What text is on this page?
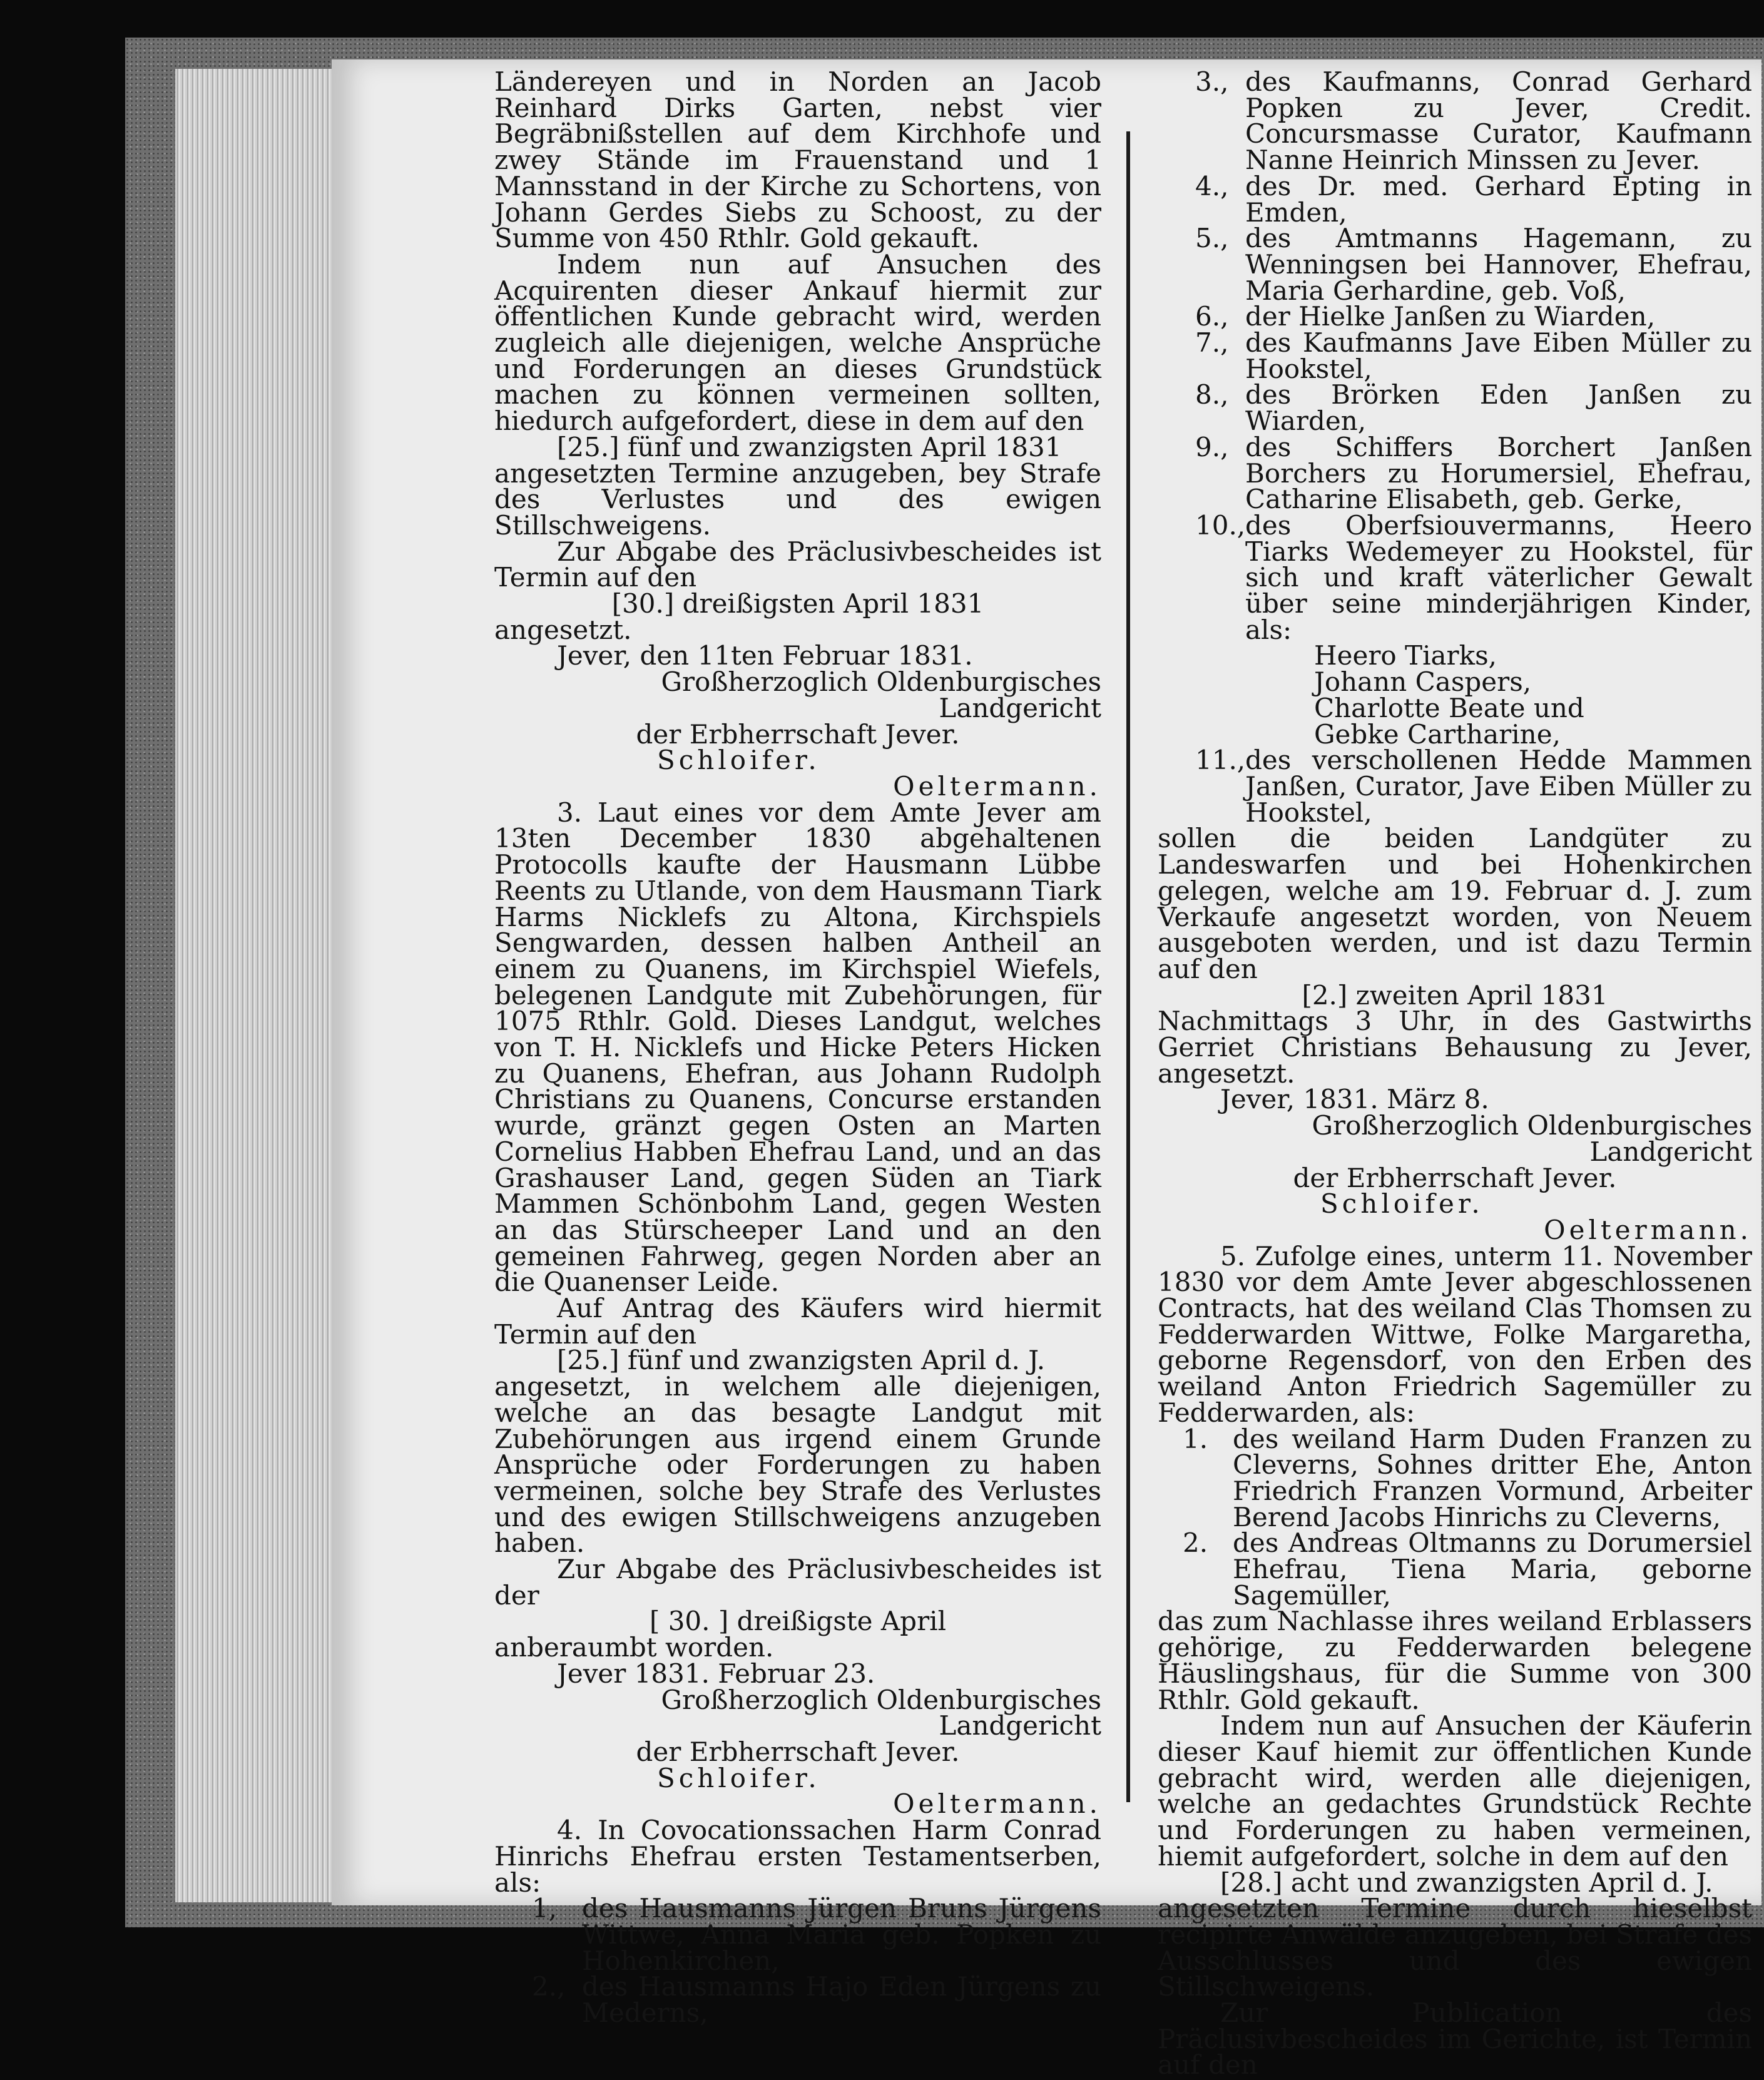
Ländereyen und in Norden an Jacob Reinhard Dirks Garten, nebst vier Begräbnißstellen auf dem Kirchhofe und zwey Stände im Frauenstand und 1 Mannsstand in der Kirche zu Schortens, von Johann Gerdes Siebs zu Schoost, zu der Summe von 450 Rthlr. Gold gekauft.

Indem nun auf Ansuchen des Acquirenten dieser Ankauf hiermit zur öffentlichen Kunde gebracht wird, werden zugleich alle diejenigen, welche Ansprüche und Forderungen an dieses Grundstück machen zu können vermeinen sollten, hiedurch aufgefordert, diese in dem auf den

[25.] fünf und zwanzigsten April 1831

angesetzten Termine anzugeben, bey Strafe des Verlustes und des ewigen Stillschweigens.

Zur Abgabe des Präclusivbescheides ist Termin auf den

[30.] dreißigsten April 1831

angesetzt.

Jever, den 11ten Februar 1831.

Großherzoglich Oldenburgisches Landgericht

der Erbherrschaft Jever.

Schloifer.

Oeltermann.

3. Laut eines vor dem Amte Jever am 13ten December 1830 abgehaltenen Protocolls kaufte der Hausmann Lübbe Reents zu Utlande, von dem Hausmann Tiark Harms Nicklefs zu Altona, Kirchspiels Sengwarden, dessen halben Antheil an einem zu Quanens, im Kirchspiel Wiefels, belegenen Landgute mit Zubehörungen, für 1075 Rthlr. Gold. Dieses Landgut, welches von T. H. Nicklefs und Hicke Peters Hicken zu Quanens, Ehefran, aus Johann Rudolph Christians zu Quanens, Concurse erstanden wurde, gränzt gegen Osten an Marten Cornelius Habben Ehefrau Land, und an das Grashauser Land, gegen Süden an Tiark Mammen Schönbohm Land, gegen Westen an das Stürscheeper Land und an den gemeinen Fahrweg, gegen Norden aber an die Quanenser Leide.

Auf Antrag des Käufers wird hiermit Termin auf den

[25.] fünf und zwanzigsten April d. J.

angesetzt, in welchem alle diejenigen, welche an das besagte Landgut mit Zubehörungen aus irgend einem Grunde Ansprüche oder Forderungen zu haben vermeinen, solche bey Strafe des Verlustes und des ewigen Stillschweigens anzugeben haben.

Zur Abgabe des Präclusivbescheides ist der

[ 30. ] dreißigste April

anberaumbt worden.

Jever 1831. Februar 23.

Großherzoglich Oldenburgisches Landgericht

der Erbherrschaft Jever.

Schloifer.

Oeltermann.

4. In Covocationssachen Harm Conrad Hinrichs Ehefrau ersten Testamentserben, als:

1, des Hausmanns Jürgen Bruns Jürgens Wittwe, Anna Maria geb. Popken zu Hohenkirchen,
2., des Hausmanns Hajo Eden Jürgens zu Mederns,
3., des Kaufmanns, Conrad Gerhard Popken zu Jever, Credit. Concursmasse Curator, Kaufmann Nanne Heinrich Minssen zu Jever.
4., des Dr. med. Gerhard Epting in Emden,
5., des Amtmanns Hagemann, zu Wenningsen bei Hannover, Ehefrau, Maria Gerhardine, geb. Voß,
6., der Hielke Janßen zu Wiarden,
7., des Kaufmanns Jave Eiben Müller zu Hookstel,
8., des Brörken Eden Janßen zu Wiarden,
9., des Schiffers Borchert Janßen Borchers zu Horumersiel, Ehefrau, Catharine Elisabeth, geb. Gerke,
10., des Oberfsiouvermanns, Heero Tiarks Wedemeyer zu Hookstel, für sich und kraft väterlicher Gewalt über seine minderjährigen Kinder, als:

Heero Tiarks,

Johann Caspers,

Charlotte Beate und

Gebke Cartharine,

11., des verschollenen Hedde Mammen Janßen, Curator, Jave Eiben Müller zu Hookstel,

sollen die beiden Landgüter zu Landeswarfen und bei Hohenkirchen gelegen, welche am 19. Februar d. J. zum Verkaufe angesetzt worden, von Neuem ausgeboten werden, und ist dazu Termin auf den

[2.] zweiten April 1831

Nachmittags 3 Uhr, in des Gastwirths Gerriet Christians Behausung zu Jever, angesetzt.

Jever, 1831. März 8.

Großherzoglich Oldenburgisches Landgericht

der Erbherrschaft Jever.

Schloifer.

Oeltermann.

5. Zufolge eines, unterm 11. November 1830 vor dem Amte Jever abgeschlossenen Contracts, hat des weiland Clas Thomsen zu Fedderwarden Wittwe, Folke Margaretha, geborne Regensdorf, von den Erben des weiland Anton Friedrich Sagemüller zu Fedderwarden, als:

1. des weiland Harm Duden Franzen zu Cleverns, Sohnes dritter Ehe, Anton Friedrich Franzen Vormund, Arbeiter Berend Jacobs Hinrichs zu Cleverns,
2. des Andreas Oltmanns zu Dorumersiel Ehefrau, Tiena Maria, geborne Sagemüller,

das zum Nachlasse ihres weiland Erblassers gehörige, zu Fedderwarden belegene Häuslingshaus, für die Summe von 300 Rthlr. Gold gekauft.

Indem nun auf Ansuchen der Käuferin dieser Kauf hiemit zur öffentlichen Kunde gebracht wird, werden alle diejenigen, welche an gedachtes Grundstück Rechte und Forderungen zu haben vermeinen, hiemit aufgefordert, solche in dem auf den

[28.] acht und zwanzigsten April d. J.

angesetzten Termine durch hieselbst recipirte Anwälde anzugeben, bei Strafe des Ausschlusses und des ewigen Stillschweigens.

Zur Publication des Präclusivbescheides im Gerichte, ist Termin auf den
